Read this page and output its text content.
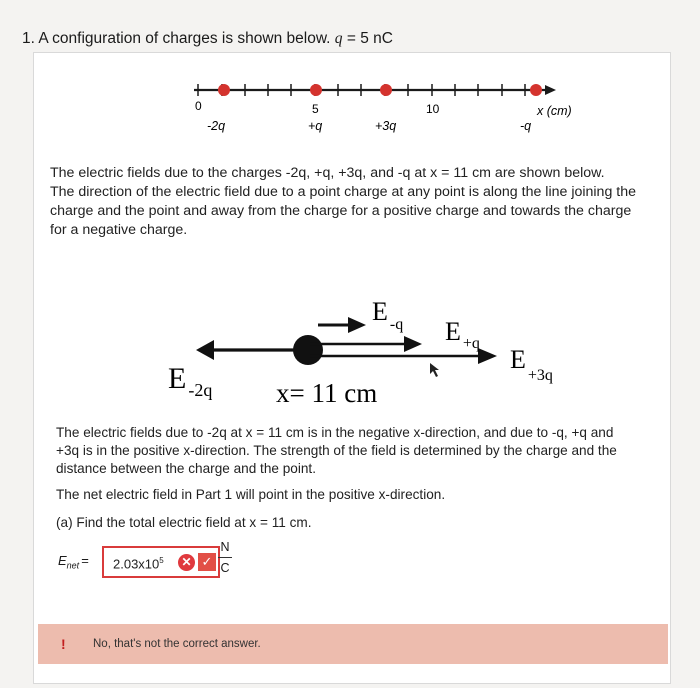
1. A configuration of charges is shown below. q = 5 nC
0	5	10	x (cm)
-2q	+q	+3q	-q
The electric fields due to the charges -2q, +q, +3q, and -q at x = 11 cm are shown below.
The direction of the electric field due to a point charge at any point is along the line joining the
charge and the point and away from the charge for a positive charge and towards the charge
for a negative charge.
E $_{-q}$ E $_{+q}$
$E_{+3q}$
E $_{-2q}$ x= 11 cm
The electric fields due to -2q at x = 11 cm is in the negative x-direction, and due to -q, +q and
+3q is in the positive x-direction. The strength of the field is determined by the charge and the
distance between the charge and the point.
The net electric field in Part 1 will point in the positive x-direction.
(a) Find the total electric field at x = 11 cm.
$E_{net} = 2.03x10^5$ ✕ ✓
N
C
! No, that's not the correct answer.
